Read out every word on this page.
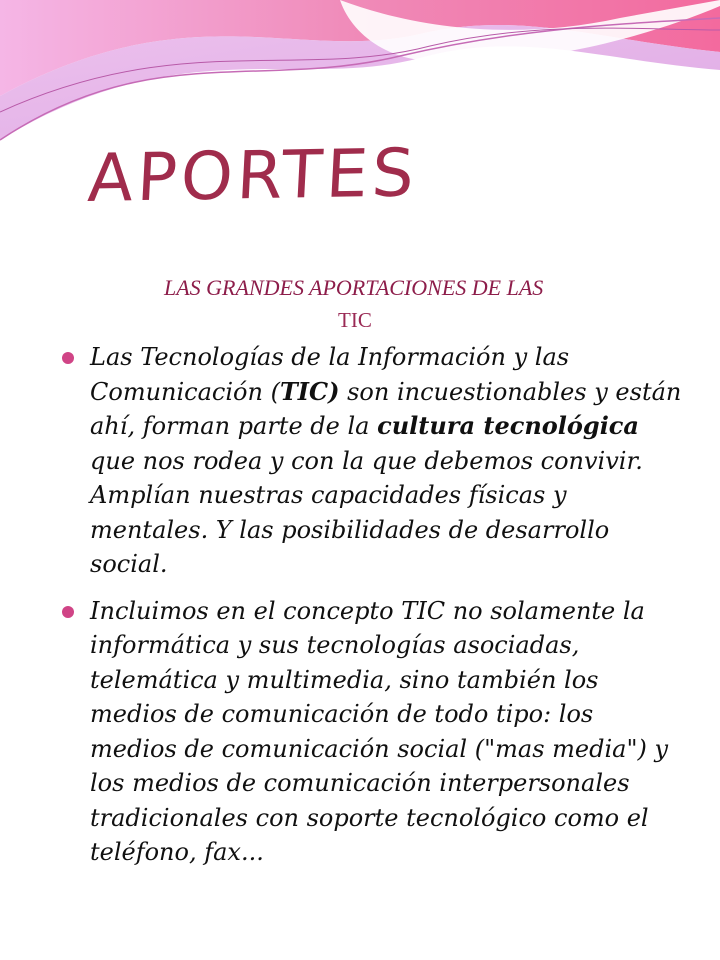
APORTES

LAS GRANDES APORTACIONES DE LAS
TIC

Las Tecnologías de la Información y las Comunicación (TIC) son incuestionables y están ahí, forman parte de la cultura tecnológica que nos rodea y con la que debemos convivir. Amplían nuestras capacidades físicas y mentales. Y las posibilidades de desarrollo social.
Incluimos en el concepto TIC no solamente la informática y sus tecnologías asociadas, telemática y multimedia, sino también los medios de comunicación de todo tipo: los medios de comunicación social ("mas media") y los medios de comunicación interpersonales tradicionales con soporte tecnológico como el teléfono, fax...
